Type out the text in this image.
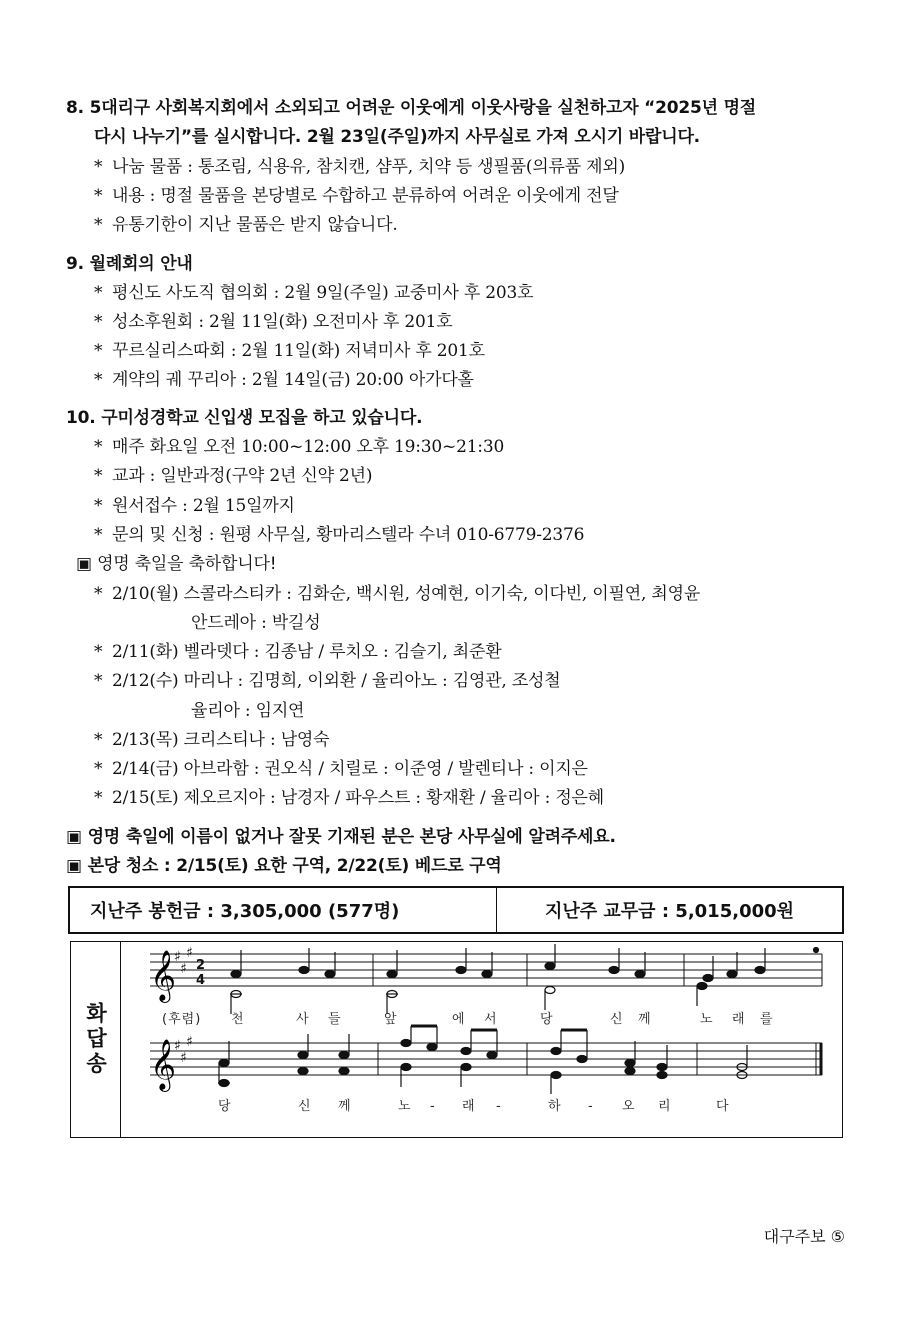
8. 5대리구 사회복지회에서 소외되고 어려운 이웃에게 이웃사랑을 실천하고자 “2025년 명절
다시 나누기”를 실시합니다. 2월 23일(주일)까지 사무실로 가져 오시기 바랍니다.
* 나눔 물품 : 통조림, 식용유, 참치캔, 샴푸, 치약 등 생필품(의류품 제외)
* 내용 : 명절 물품을 본당별로 수합하고 분류하여 어려운 이웃에게 전달
* 유통기한이 지난 물품은 받지 않습니다.
9. 월례회의 안내
* 평신도 사도직 협의회 : 2월 9일(주일) 교중미사 후 203호
* 성소후원회 : 2월 11일(화) 오전미사 후 201호
* 꾸르실리스따회 : 2월 11일(화) 저녁미사 후 201호
* 계약의 궤 꾸리아 : 2월 14일(금) 20:00 아가다홀
10. 구미성경학교 신입생 모집을 하고 있습니다.
* 매주 화요일 오전 10:00~12:00 오후 19:30~21:30
* 교과 : 일반과정(구약 2년 신약 2년)
* 원서접수 : 2월 15일까지
* 문의 및 신청 : 원평 사무실, 황마리스텔라 수녀 010-6779-2376
▣ 영명 축일을 축하합니다!
* 2/10(월) 스콜라스티카 : 김화순, 백시원, 성예현, 이기숙, 이다빈, 이필연, 최영윤
안드레아 : 박길성
* 2/11(화) 벨라뎃다 : 김종남 / 루치오 : 김슬기, 최준환
* 2/12(수) 마리나 : 김명희, 이외환 / 율리아노 : 김영관, 조성철
율리아 : 임지연
* 2/13(목) 크리스티나 : 남영숙
* 2/14(금) 아브라함 : 권오식 / 치릴로 : 이준영 / 발렌티나 : 이지은
* 2/15(토) 제오르지아 : 남경자 / 파우스트 : 황재환 / 율리아 : 정은혜
▣ 영명 축일에 이름이 없거나 잘못 기재된 분은 본당 사무실에 알려주세요.
▣ 본당 청소 : 2/15(토) 요한 구역, 2/22(토) 베드로 구역
지난주 봉헌금 : 3,305,000 (577명)	지난주 교무금 : 5,015,000원
화답송
𝄞
♯
♯
♯
2
4
(후렴) 천	사 들	앞	에 서	당	신 께	노 래 를
𝄞
♯
♯
♯
당	신 께	노 - 래 -	하 - 오 리	다
대구주보 ⑤
